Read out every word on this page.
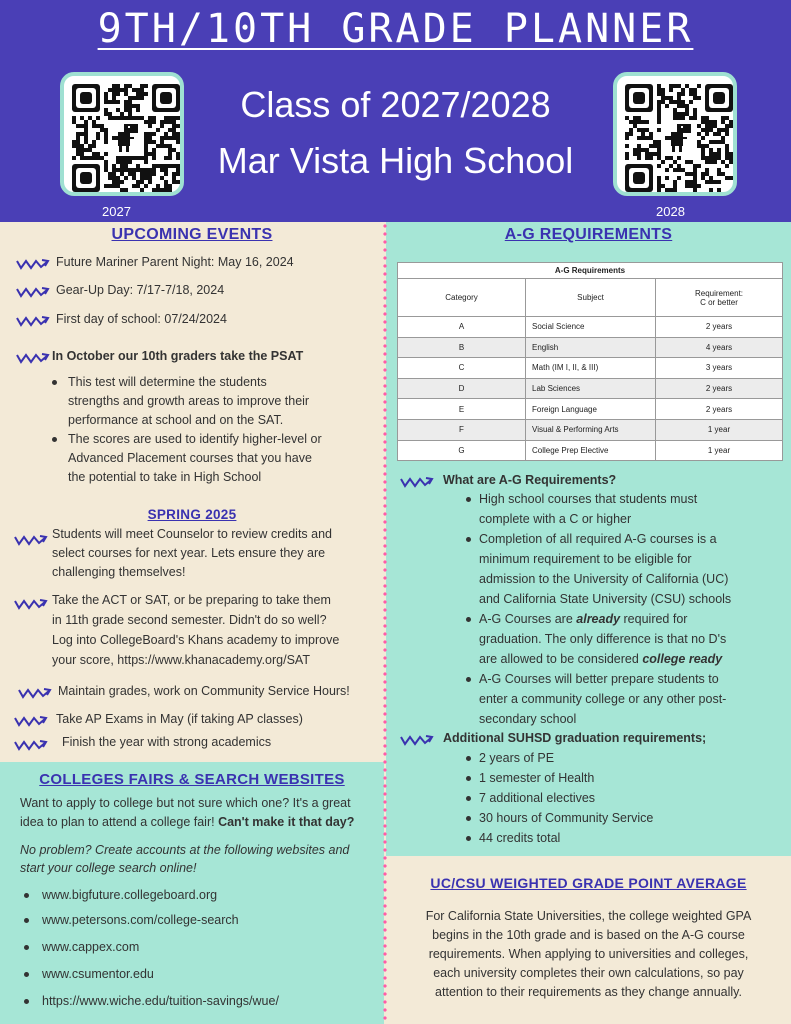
9TH/10TH GRADE PLANNER
2027
Class of 2027/2028
Mar Vista High School
2028
UPCOMING EVENTS
Future Mariner Parent Night: May 16, 2024
Gear-Up Day: 7/17-7/18, 2024
First day of school: 07/24/2024
In October our 10th graders take the PSAT
This test will determine the students
strengths and growth areas to improve their
performance at school and on the SAT.
The scores are used to identify higher-level or
Advanced Placement courses that you have
the potential to take in High School
SPRING 2025
Students will meet Counselor to review credits and
select courses for next year. Lets ensure they are
challenging themselves!
Take the ACT or SAT, or be preparing to take them
in 11th grade second semester. Didn't do so well?
Log into CollegeBoard's Khans academy to improve
your score, https://www.khanacademy.org/SAT
Maintain grades, work on Community Service Hours!
Take AP Exams in May (if taking AP classes)
Finish the year with strong academics
COLLEGES FAIRS & SEARCH WEBSITES
Want to apply to college but not sure which one? It's a great
idea to plan to attend a college fair! Can't make it that day?
No problem? Create accounts at the following websites and
start your college search online!
www.bigfuture.collegeboard.org
www.petersons.com/college-search
www.cappex.com
www.csumentor.edu
https://www.wiche.edu/tuition-savings/wue/
A-G REQUIREMENTS
A-G Requirements		
Category	Subject	Requirement:
C or better
A	Social Science	2 years
B	English	4 years
C	Math (IM I, II, & III)	3 years
D	Lab Sciences	2 years
E	Foreign Language	2 years
F	Visual & Performing Arts	1 year
G	College Prep Elective	1 year
What are A-G Requirements?
High school courses that students must
complete with a C or higher
Completion of all required A-G courses is a
minimum requirement to be eligible for
admission to the University of California (UC)
and California State University (CSU) schools
A-G Courses are already required for
graduation. The only difference is that no D's
are allowed to be considered college ready
A-G Courses will better prepare students to
enter a community college or any other post-
secondary school
Additional SUHSD graduation requirements;
2 years of PE
1 semester of Health
7 additional electives
30 hours of Community Service
44 credits total
UC/CSU WEIGHTED GRADE POINT AVERAGE
For California State Universities, the college weighted GPA
begins in the 10th grade and is based on the A-G course
requirements. When applying to universities and colleges,
each university completes their own calculations, so pay
attention to their requirements as they change annually.
